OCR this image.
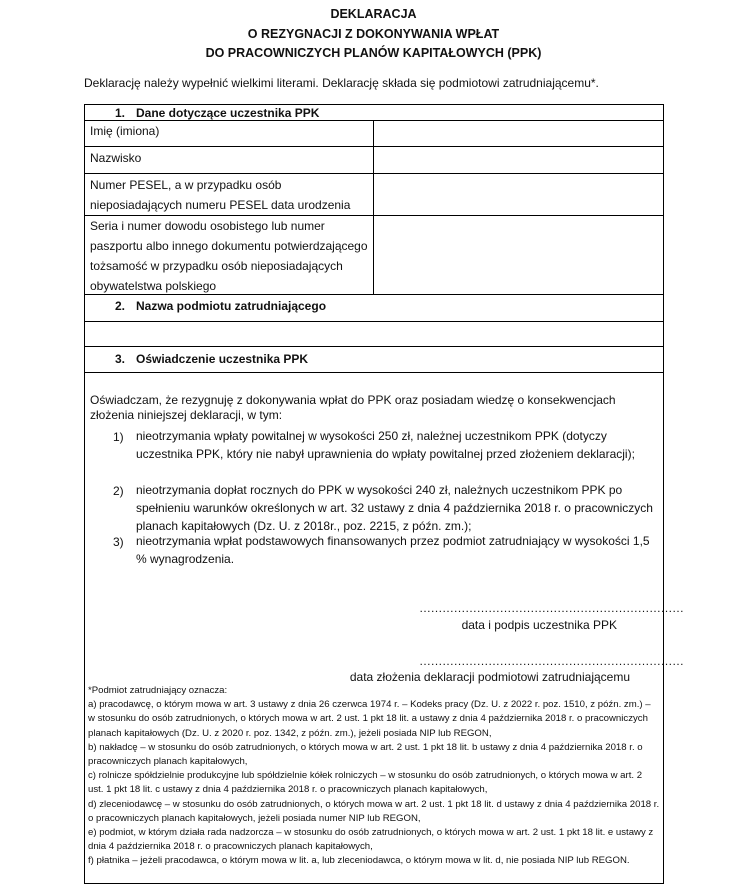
DEKLARACJA
O REZYGNACJI Z DOKONYWANIA WPŁAT
DO PRACOWNICZYCH PLANÓW KAPITAŁOWYCH (PPK)
Deklarację należy wypełnić wielkimi literami. Deklarację składa się podmiotowi zatrudniającemu*.
1. Dane dotyczące uczestnika PPK
Imię (imiona)
Nazwisko
Numer PESEL, a w przypadku osób nieposiadających numeru PESEL data urodzenia
Seria i numer dowodu osobistego lub numer paszportu albo innego dokumentu potwierdzającego tożsamość w przypadku osób nieposiadających obywatelstwa polskiego
2. Nazwa podmiotu zatrudniającego
3. Oświadczenie uczestnika PPK
Oświadczam, że rezygnuję z dokonywania wpłat do PPK oraz posiadam wiedzę o konsekwencjach złożenia niniejszej deklaracji, w tym:
1) nieotrzymania wpłaty powitalnej w wysokości 250 zł, należnej uczestnikom PPK (dotyczy uczestnika PPK, który nie nabył uprawnienia do wpłaty powitalnej przed złożeniem deklaracji);
2) nieotrzymania dopłat rocznych do PPK w wysokości 240 zł, należnych uczestnikom PPK po spełnieniu warunków określonych w art. 32 ustawy z dnia 4 października 2018 r. o pracowniczych planach kapitałowych (Dz. U. z 2018r., poz. 2215, z późn. zm.);
3) nieotrzymania wpłat podstawowych finansowanych przez podmiot zatrudniający w wysokości 1,5 % wynagrodzenia.
……………………………………………………………
data i podpis uczestnika PPK
……………………………………………………………
data złożenia deklaracji podmiotowi zatrudniającemu
*Podmiot zatrudniający oznacza:
a) pracodawcę, o którym mowa w art. 3 ustawy z dnia 26 czerwca 1974 r. – Kodeks pracy (Dz. U. z 2022 r. poz. 1510, z późn. zm.) – w stosunku do osób zatrudnionych, o których mowa w art. 2 ust. 1 pkt 18 lit. a ustawy z dnia 4 października 2018 r. o pracowniczych planach kapitałowych (Dz. U. z 2020 r. poz. 1342, z późn. zm.), jeżeli posiada NIP lub REGON,
b) nakładcę – w stosunku do osób zatrudnionych, o których mowa w art. 2 ust. 1 pkt 18 lit. b ustawy z dnia 4 października 2018 r. o pracowniczych planach kapitałowych,
c) rolnicze spółdzielnie produkcyjne lub spółdzielnie kółek rolniczych – w stosunku do osób zatrudnionych, o których mowa w art. 2 ust. 1 pkt 18 lit. c ustawy z dnia 4 października 2018 r. o pracowniczych planach kapitałowych,
d) zleceniodawcę – w stosunku do osób zatrudnionych, o których mowa w art. 2 ust. 1 pkt 18 lit. d ustawy z dnia 4 października 2018 r. o pracowniczych planach kapitałowych, jeżeli posiada numer NIP lub REGON,
e) podmiot, w którym działa rada nadzorcza – w stosunku do osób zatrudnionych, o których mowa w art. 2 ust. 1 pkt 18 lit. e ustawy z dnia 4 października 2018 r. o pracowniczych planach kapitałowych,
f) płatnika – jeżeli pracodawca, o którym mowa w lit. a, lub zleceniodawca, o którym mowa w lit. d, nie posiada NIP lub REGON.
